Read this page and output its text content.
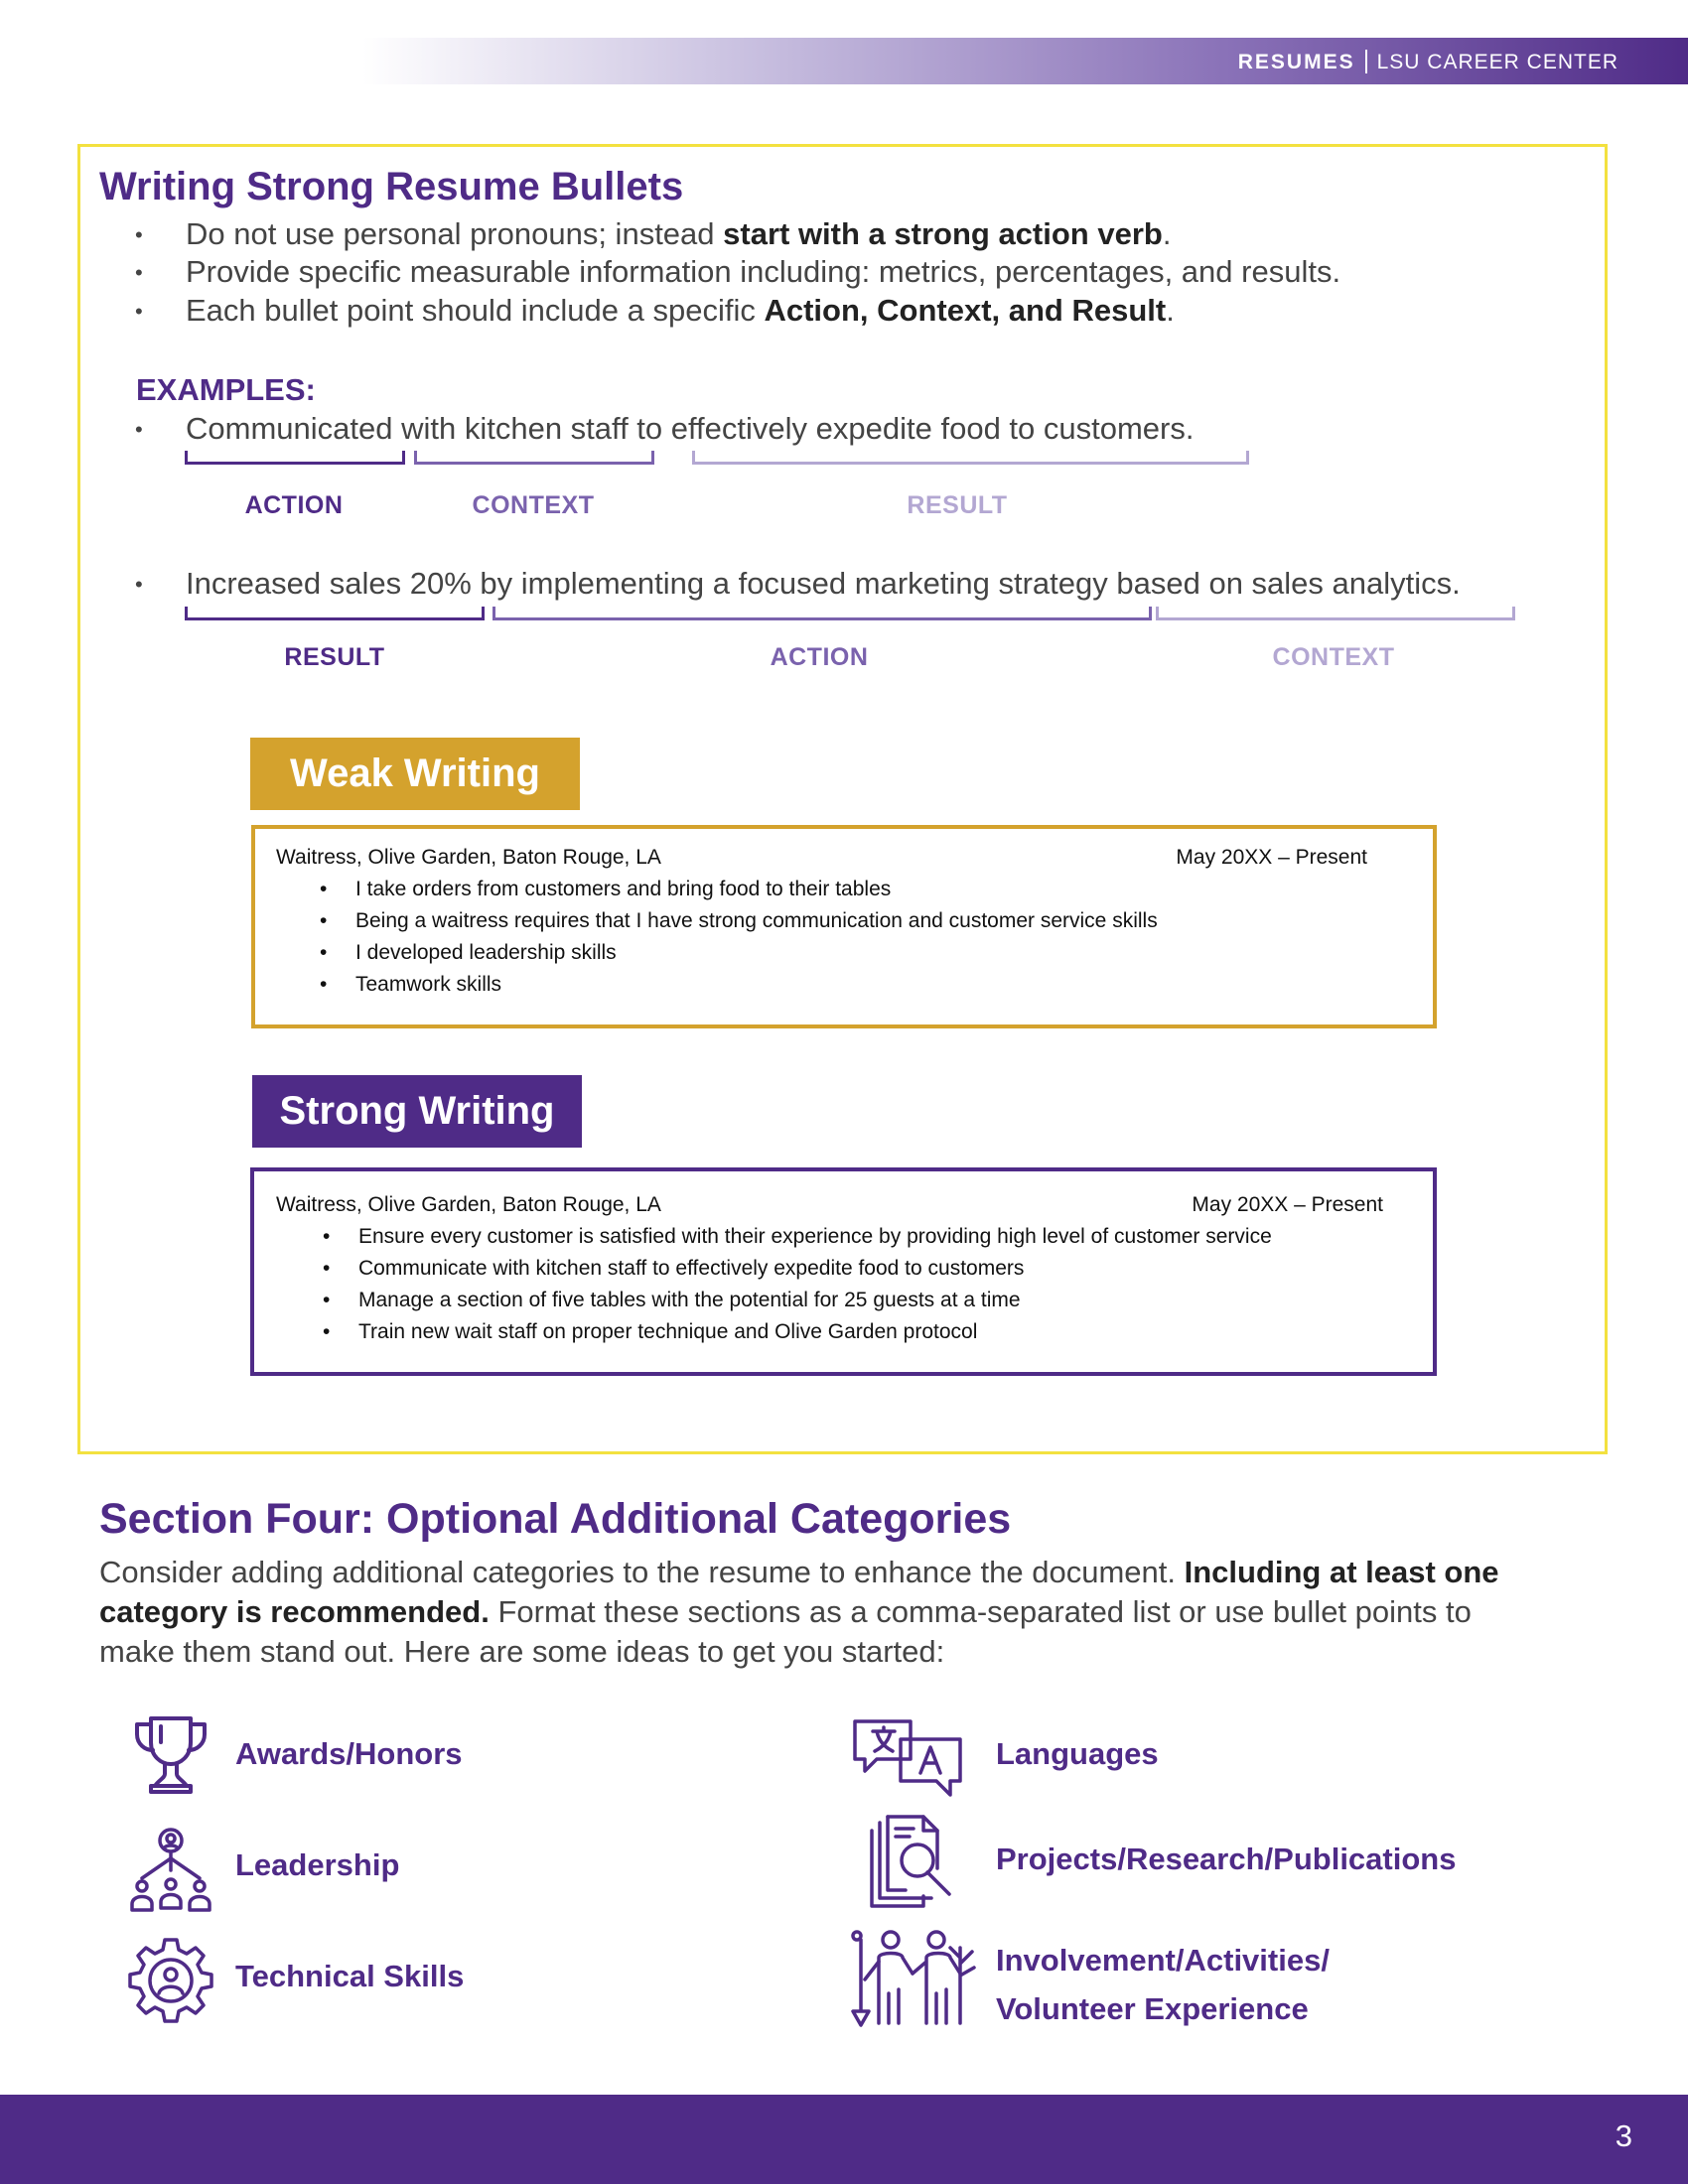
RESUMES LSU CAREER CENTER
Writing Strong Resume Bullets
• Do not use personal pronouns; instead start with a strong action verb.
• Provide specific measurable information including: metrics, percentages, and results.
• Each bullet point should include a specific Action, Context, and Result.
EXAMPLES:
• Communicated with kitchen staff to effectively expedite food to customers.
ACTION	CONTEXT	RESULT
• Increased sales 20% by implementing a focused marketing strategy based on sales analytics.
RESULT	ACTION	CONTEXT
Weak Writing
Waitress, Olive Garden, Baton Rouge, LA	May 20XX – Present
• I take orders from customers and bring food to their tables
• Being a waitress requires that I have strong communication and customer service skills
• I developed leadership skills
• Teamwork skills
Strong Writing
Waitress, Olive Garden, Baton Rouge, LA	May 20XX – Present
• Ensure every customer is satisfied with their experience by providing high level of customer service
• Communicate with kitchen staff to effectively expedite food to customers
• Manage a section of five tables with the potential for 25 guests at a time
• Train new wait staff on proper technique and Olive Garden protocol
Section Four: Optional Additional Categories
Consider adding additional categories to the resume to enhance the document. Including at least one
category is recommended. Format these sections as a comma-separated list or use bullet points to
make them stand out. Here are some ideas to get you started:
Awards/Honors
Leadership
Technical Skills
Languages
Projects/Research/Publications
Involvement/Activities/
Volunteer Experience
3
